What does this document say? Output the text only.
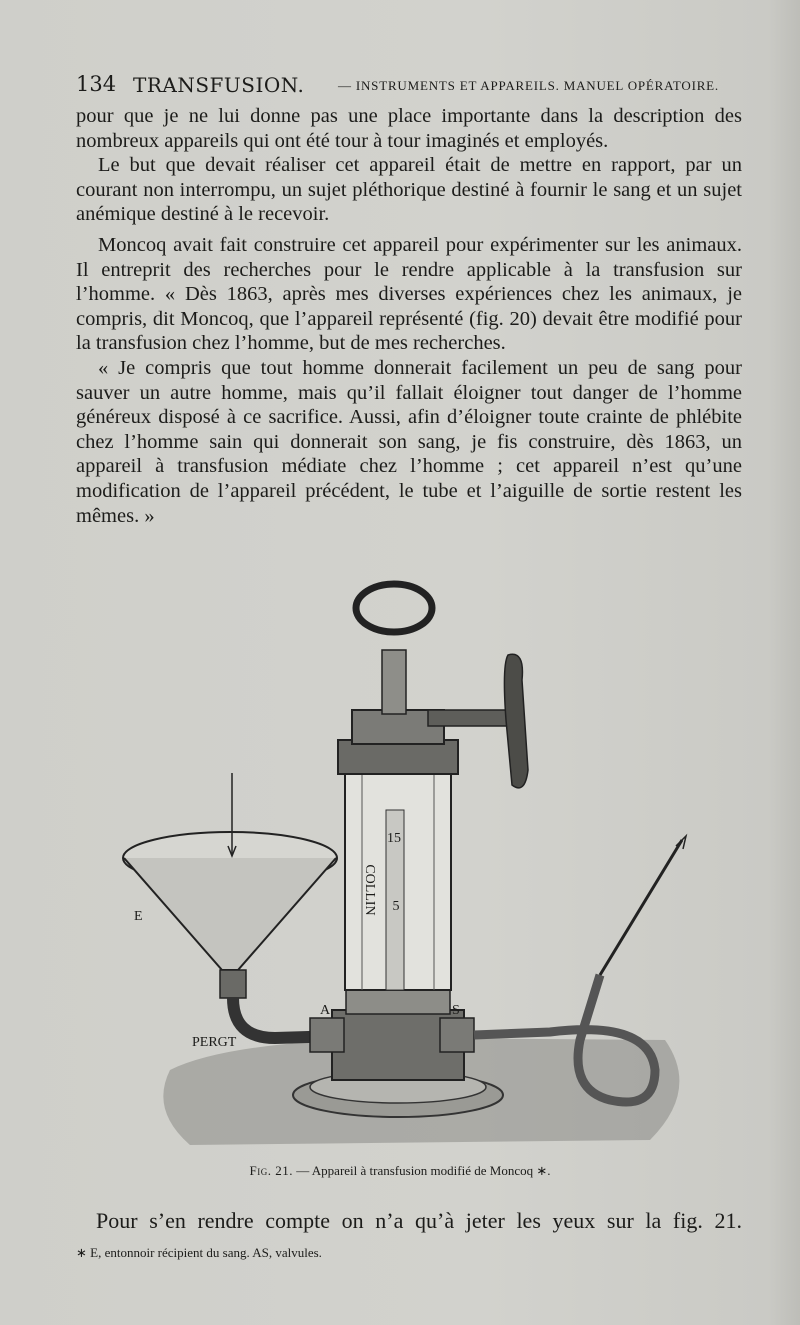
134 TRANSFUSION.	— INSTRUMENTS ET APPAREILS. MANUEL OPÉRATOIRE.

pour que je ne lui donne pas une place importante dans la description des nombreux appareils qui ont été tour à tour imaginés et employés.

Le but que devait réaliser cet appareil était de mettre en rapport, par un courant non interrompu, un sujet pléthorique destiné à fournir le sang et un sujet anémique destiné à le recevoir.

Moncoq avait fait construire cet appareil pour expérimenter sur les animaux. Il entreprit des recherches pour le rendre applicable à la transfusion sur l’homme. « Dès 1863, après mes diverses expériences chez les animaux, je compris, dit Moncoq, que l’appareil représenté (fig. 20) devait être modifié pour la transfusion chez l’homme, but de mes recherches.

« Je compris que tout homme donnerait facilement un peu de sang pour sauver un autre homme, mais qu’il fallait éloigner tout danger de l’homme généreux disposé à ce sacrifice. Aussi, afin d’éloigner toute crainte de phlébite chez l’homme sain qui donnerait son sang, je fis construire, dès 1863, un appareil à transfusion médiate chez l’homme ; cet appareil n’est qu’une modification de l’appareil précédent, le tube et l’aiguille de sortie restent les mêmes. »

15
5
COLLIN
E
A	S
PERGT
Fig. 21. — Appareil à transfusion modifié de Moncoq ∗.
Pour s’en rendre compte on n’a qu’à jeter les yeux sur la fig. 21.
∗ E, entonnoir récipient du sang. AS, valvules.
